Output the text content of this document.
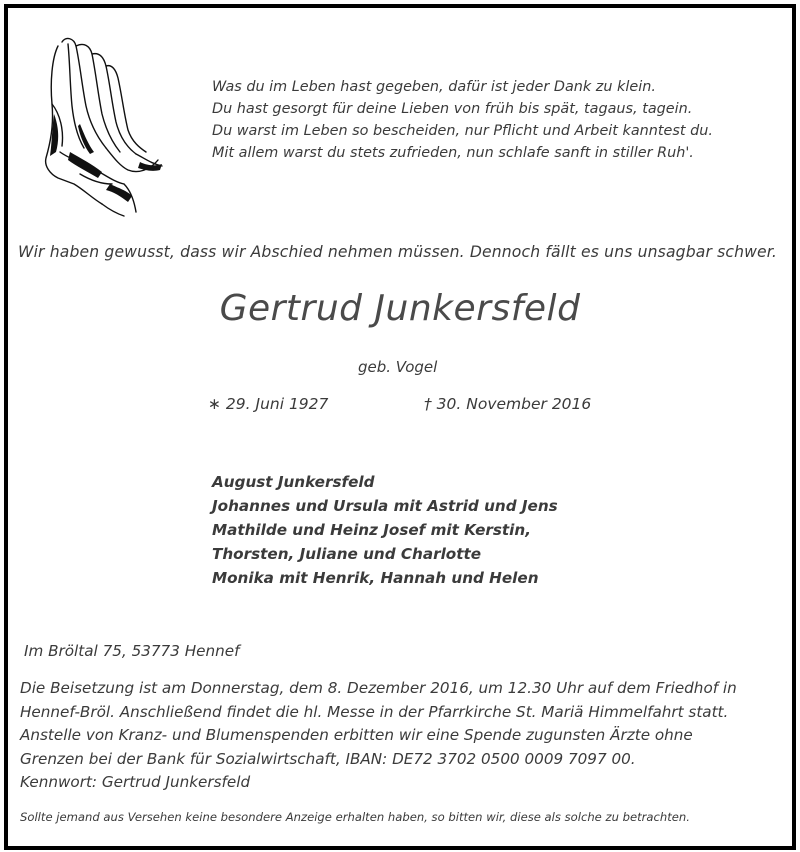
Was du im Leben hast gegeben, dafür ist jeder Dank zu klein.
Du hast gesorgt für deine Lieben von früh bis spät, tagaus, tagein.
Du warst im Leben so bescheiden, nur Pflicht und Arbeit kanntest du.
Mit allem warst du stets zufrieden, nun schlafe sanft in stiller Ruh'.
Wir haben gewusst, dass wir Abschied nehmen müssen. Dennoch fällt es uns unsagbar schwer.
Gertrud Junkersfeld
geb. Vogel
∗ 29. Juni 1927	† 30. November 2016
August Junkersfeld
Johannes und Ursula mit Astrid und Jens
Mathilde und Heinz Josef mit Kerstin,
Thorsten, Juliane und Charlotte
Monika mit Henrik, Hannah und Helen
Im Bröltal 75, 53773 Hennef
Die Beisetzung ist am Donnerstag, dem 8. Dezember 2016, um 12.30 Uhr auf dem Friedhof in
Hennef-Bröl. Anschließend findet die hl. Messe in der Pfarrkirche St. Mariä Himmelfahrt statt.
Anstelle von Kranz- und Blumenspenden erbitten wir eine Spende zugunsten Ärzte ohne
Grenzen bei der Bank für Sozialwirtschaft, IBAN: DE72 3702 0500 0009 7097 00.
Kennwort: Gertrud Junkersfeld
Sollte jemand aus Versehen keine besondere Anzeige erhalten haben, so bitten wir, diese als solche zu betrachten.
